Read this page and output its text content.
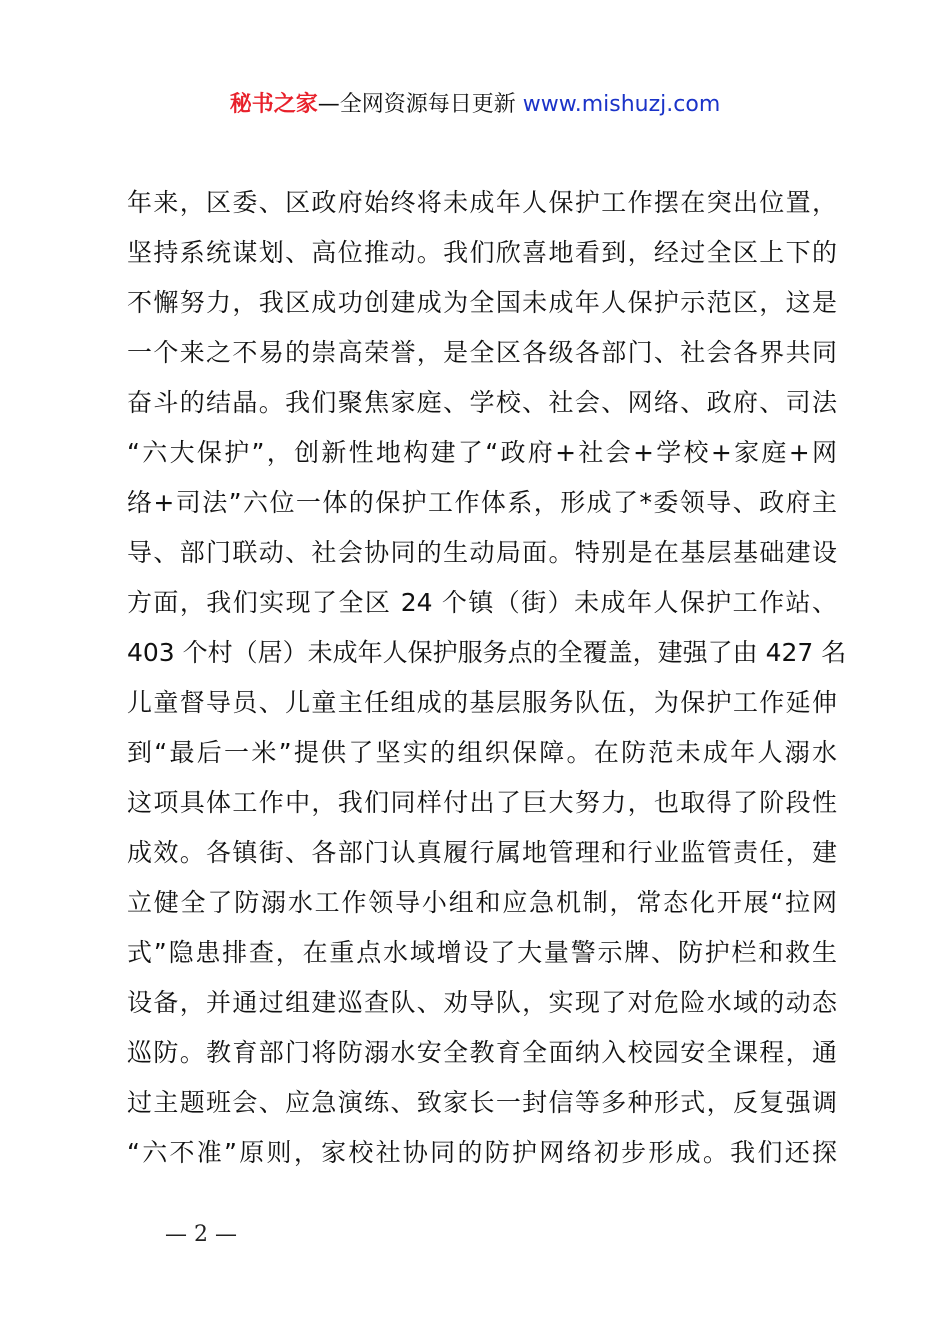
秘书之家—全网资源每日更新 www.mishuzj.com
年来，区委、区政府始终将未成年人保护工作摆在突出位置，
坚持系统谋划、高位推动。我们欣喜地看到，经过全区上下的
不懈努力，我区成功创建成为全国未成年人保护示范区，这是
一个来之不易的崇高荣誉，是全区各级各部门、社会各界共同
奋斗的结晶。我们聚焦家庭、学校、社会、网络、政府、司法
“六大保护”，创新性地构建了“政府+社会+学校+家庭+网
络+司法”六位一体的保护工作体系，形成了*委领导、政府主
导、部门联动、社会协同的生动局面。特别是在基层基础建设
方面，我们实现了全区 24 个镇（街）未成年人保护工作站、
403 个村（居）未成年人保护服务点的全覆盖，建强了由 427 名
儿童督导员、儿童主任组成的基层服务队伍，为保护工作延伸
到“最后一米”提供了坚实的组织保障。在防范未成年人溺水
这项具体工作中，我们同样付出了巨大努力，也取得了阶段性
成效。各镇街、各部门认真履行属地管理和行业监管责任，建
立健全了防溺水工作领导小组和应急机制，常态化开展“拉网
式”隐患排查，在重点水域增设了大量警示牌、防护栏和救生
设备，并通过组建巡查队、劝导队，实现了对危险水域的动态
巡防。教育部门将防溺水安全教育全面纳入校园安全课程，通
过主题班会、应急演练、致家长一封信等多种形式，反复强调
“六不准”原则，家校社协同的防护网络初步形成。我们还探
— 2 —
